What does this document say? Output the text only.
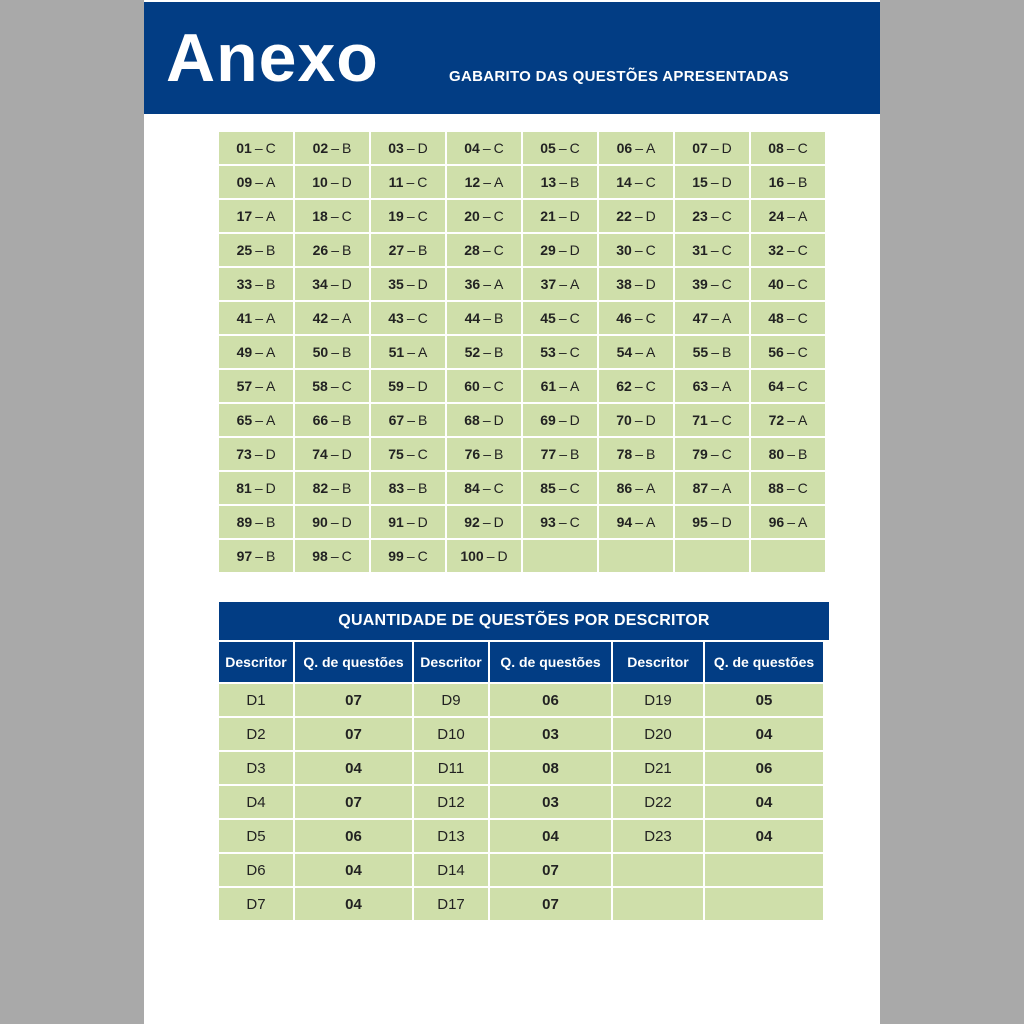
Anexo	GABARITO DAS QUESTÕES APRESENTADAS
01 – C	02 – B	03 – D	04 – C	05 – C	06 – A	07 – D	08 – C
09 – A	10 – D	11 – C	12 – A	13 – B	14 – C	15 – D	16 – B
17 – A	18 – C	19 – C	20 – C	21 – D	22 – D	23 – C	24 – A
25 – B	26 – B	27 – B	28 – C	29 – D	30 – C	31 – C	32 – C
33 – B	34 – D	35 – D	36 – A	37 – A	38 – D	39 – C	40 – C
41 – A	42 – A	43 – C	44 – B	45 – C	46 – C	47 – A	48 – C
49 – A	50 – B	51 – A	52 – B	53 – C	54 – A	55 – B	56 – C
57 – A	58 – C	59 – D	60 – C	61 – A	62 – C	63 – A	64 – C
65 – A	66 – B	67 – B	68 – D	69 – D	70 – D	71 – C	72 – A
73 – D	74 – D	75 – C	76 – B	77 – B	78 – B	79 – C	80 – B
81 – D	82 – B	83 – B	84 – C	85 – C	86 – A	87 – A	88 – C
89 – B	90 – D	91 – D	92 – D	93 – C	94 – A	95 – D	96 – A
97 – B	98 – C	99 – C 100 – D
QUANTIDADE DE QUESTÕES POR DESCRITOR
Descritor	Q. de questões	Descritor	Q. de questões	Descritor	Q. de questões
D1	07	D9	06	D19	05
D2	07	D10	03	D20	04
D3	04	D11	08	D21	06
D4	07	D12	03	D22	04
D5	06	D13	04	D23	04
D6	04	D14	07
D7	04	D17	07
